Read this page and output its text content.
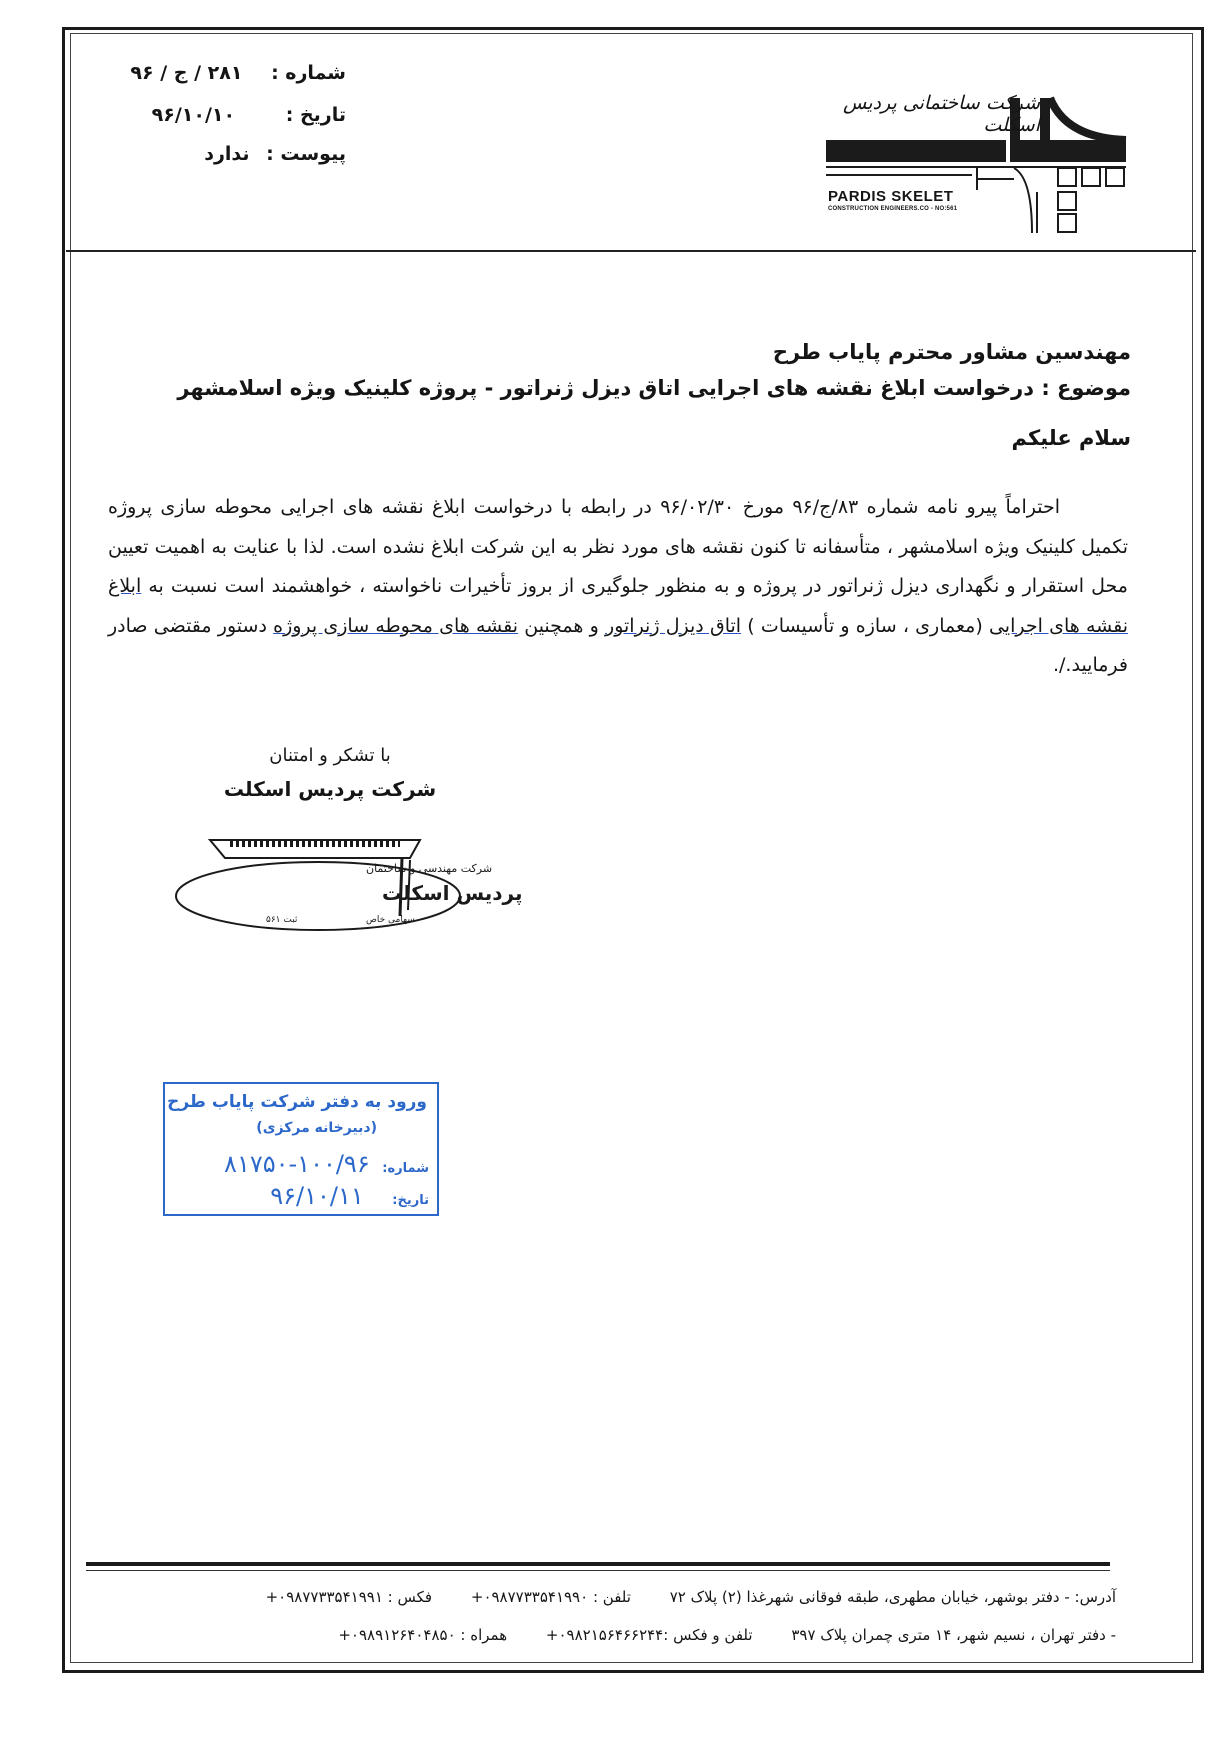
شماره : ۲۸۱ / ج / ۹۶
تاریخ : ۹۶/۱۰/۱۰
پیوست : ندارد
شرکت ساختمانی پردیس اسکلت
PARDIS SKELET
CONSTRUCTION ENGINEERS.CO - NO:561
مهندسین مشاور محترم پایاب طرح
موضوع : درخواست ابلاغ نقشه های اجرایی اتاق دیزل ژنراتور - پروژه کلینیک ویژه اسلامشهر
سلام علیکم

احتراماً پیرو نامه شماره ۸۳/ج/۹۶ مورخ ۹۶/۰۲/۳۰ در رابطه با درخواست ابلاغ نقشه های اجرایی محوطه سازی پروژه تکمیل کلینیک ویژه اسلامشهر ، متأسفانه تا کنون نقشه های مورد نظر به این شرکت ابلاغ نشده است. لذا با عنایت به اهمیت تعیین محل استقرار و نگهداری دیزل ژنراتور در پروژه و به منظور جلوگیری از بروز تأخیرات ناخواسته ، خواهشمند است نسبت به ابلاغ نقشه های اجرایی (معماری ، سازه و تأسیسات ) اتاق دیزل ژنراتور و همچنین نقشه های محوطه سازی پروژه دستور مقتضی صادر فرمایید./.

با تشکر و امتنان
شرکت پردیس اسکلت
شرکت مهندسی و ساختمان
پردیس اسکلت
سهامی خاص
ثبت ۵۶۱
ورود به دفتر شرکت پایاب طرح
(دبیرخانه مرکزی)
شماره: ۱۰۰/۹۶-۸۱۷۵۰
تاریخ: ۹۶/۱۰/۱۱
آدرس: - دفتر بوشهر، خیابان مطهری، طبقه فوقانی شهرغذا (۲) پلاک ۷۲ تلفن : ۰۹۸۷۷۳۳۵۴۱۹۹۰+ فکس : ۰۹۸۷۷۳۳۵۴۱۹۹۱+
- دفتر تهران ، نسیم شهر، ۱۴ متری چمران پلاک ۳۹۷ تلفن و فکس :۰۹۸۲۱۵۶۴۶۶۲۴۴+ همراه : ۰۹۸۹۱۲۶۴۰۴۸۵۰+
